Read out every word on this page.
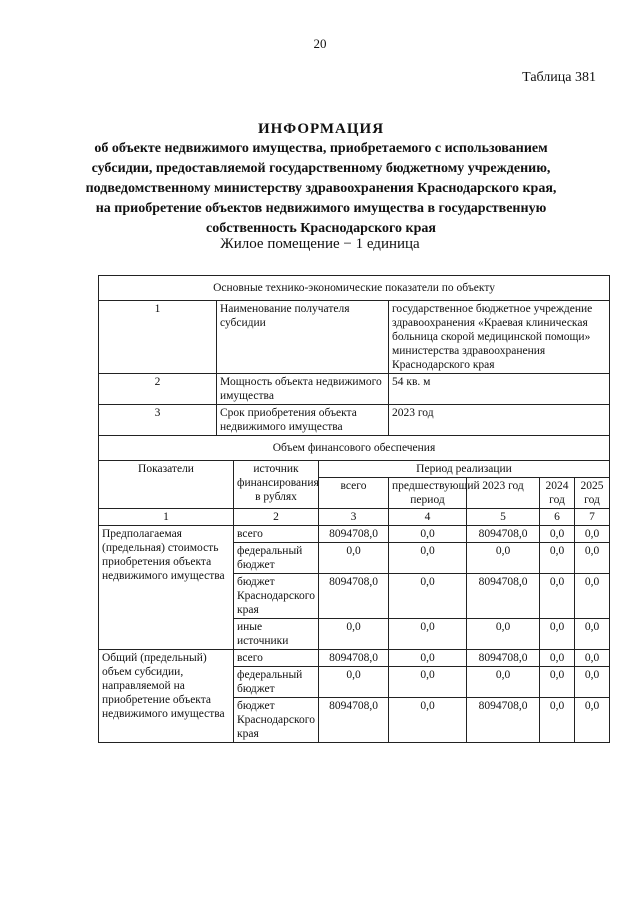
20
Таблица 381
ИНФОРМАЦИЯ
об объекте недвижимого имущества, приобретаемого с использованием
субсидии, предоставляемой государственному бюджетному учреждению,
подведомственному министерству здравоохранения Краснодарского края,
на приобретение объектов недвижимого имущества в государственную
собственность Краснодарского края
Жилое помещение − 1 единица
Основные технико-экономические показатели по объекту							
1	Наименование получателя субсидии			государственное бюджетное учреждение здравоохранения «Краевая клиническая больница скорой медицинской помощи» министерства здравоохранения Краснодарского края			
2	Мощность объекта недвижимого имущества			54 кв. м			
3	Срок приобретения объекта недвижимого имущества			2023 год			
Объем финансового обеспечения							
Показатели		источник финансирования в рублях	Период реализации				
			всего	предшествующий период	2023 год	2024 год	2025 год
1		2	3	4	5	6	7
Предполагаемая (предельная) стоимость приобретения объекта недвижимого имущества		всего	8094708,0	0,0	8094708,0	0,0	0,0
		федеральный бюджет	0,0	0,0	0,0	0,0	0,0
		бюджет Краснодарского края	8094708,0	0,0	8094708,0	0,0	0,0
		иные источники	0,0	0,0	0,0	0,0	0,0
Общий (предельный) объем субсидии, направляемой на приобретение объекта недвижимого имущества		всего	8094708,0	0,0	8094708,0	0,0	0,0
		федеральный бюджет	0,0	0,0	0,0	0,0	0,0
		бюджет Краснодарского края	8094708,0	0,0	8094708,0	0,0	0,0
